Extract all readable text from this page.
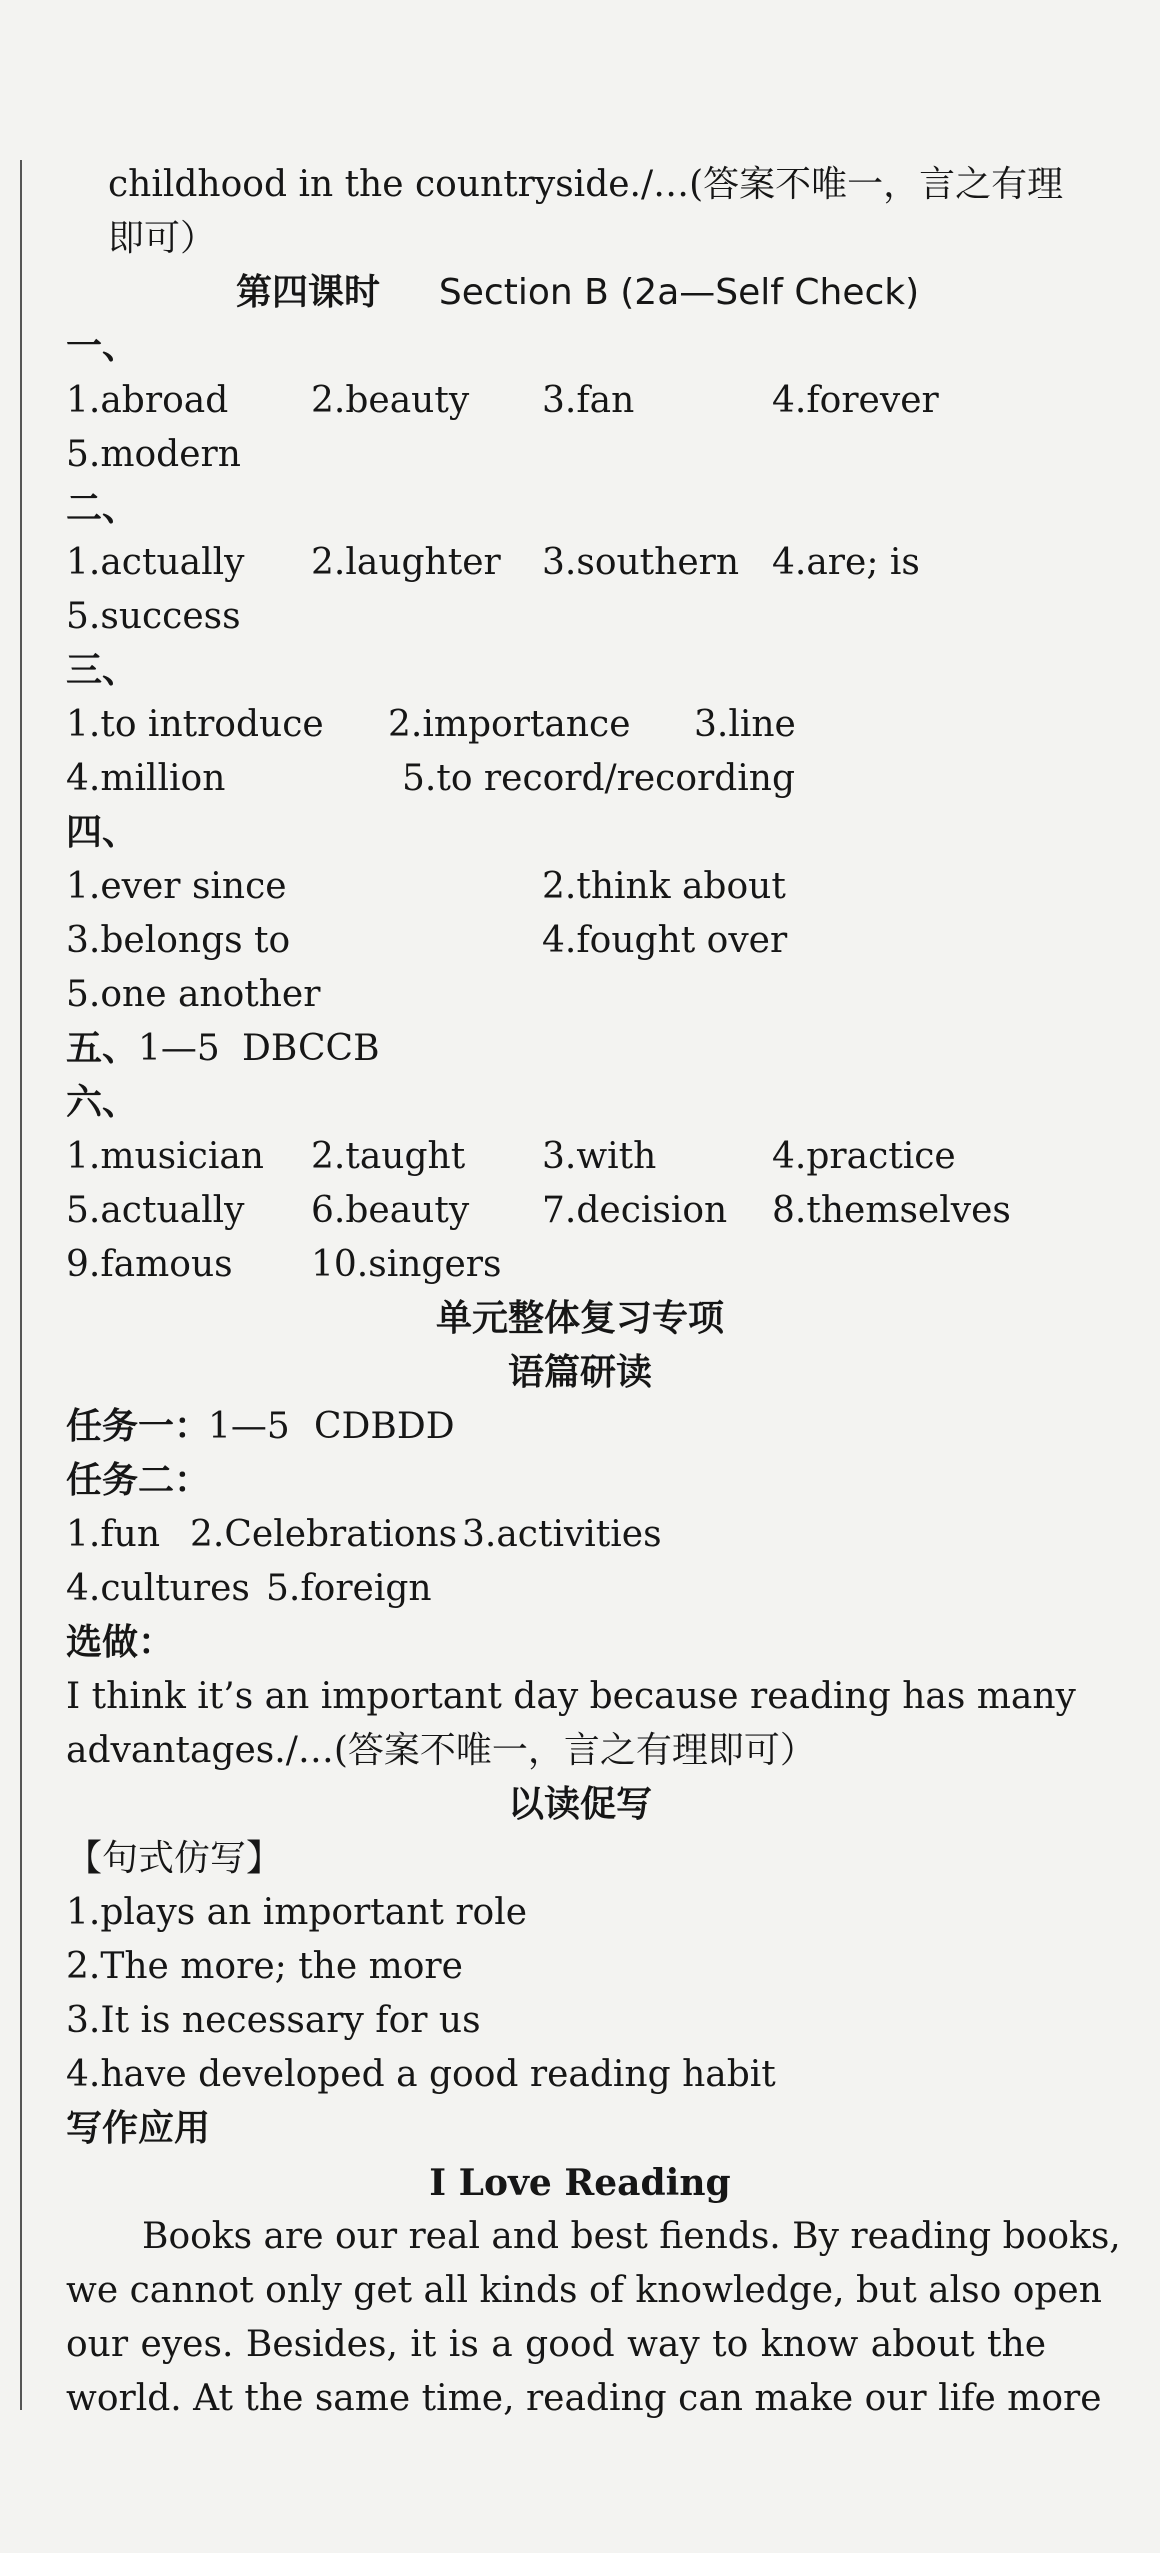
childhood in the countryside./…(答案不唯一，言之有理
即可）
第四课时 Section B (2a—Self Check)
一、
1.abroad 2.beauty 3.fan	4.forever
5.modern
二、
1.actually 2.laughter 3.southern 4.are; is
5.success
三、
1.to introduce 2.importance 3.line
4.million	5.to record/recording
四、
1.ever since	2.think about
3.belongs to	4.fought over
5.one another
五、 1—5 DBCCB
六、
1.musician 2.taught 3.with	4.practice
5.actually 6.beauty 7.decision 8.themselves
9.famous 10.singers
单元整体复习专项
语篇研读
任务一：
1—5 CDBDD
任务二：
1.fun 2.Celebrations 3.activities
4.cultures 5.foreign
选做：
I think it’s an important day because reading has many
advantages./…(答案不唯一，言之有理即可）
以读促写
【句式仿写】
1.plays an important role
2.The more; the more
3.It is necessary for us
4.have developed a good reading habit
写作应用
I Love Reading
Books are our real and best fiends. By reading books,
we cannot only get all kinds of knowledge, but also open
our eyes. Besides, it is a good way to know about the
world. At the same time, reading can make our life more
